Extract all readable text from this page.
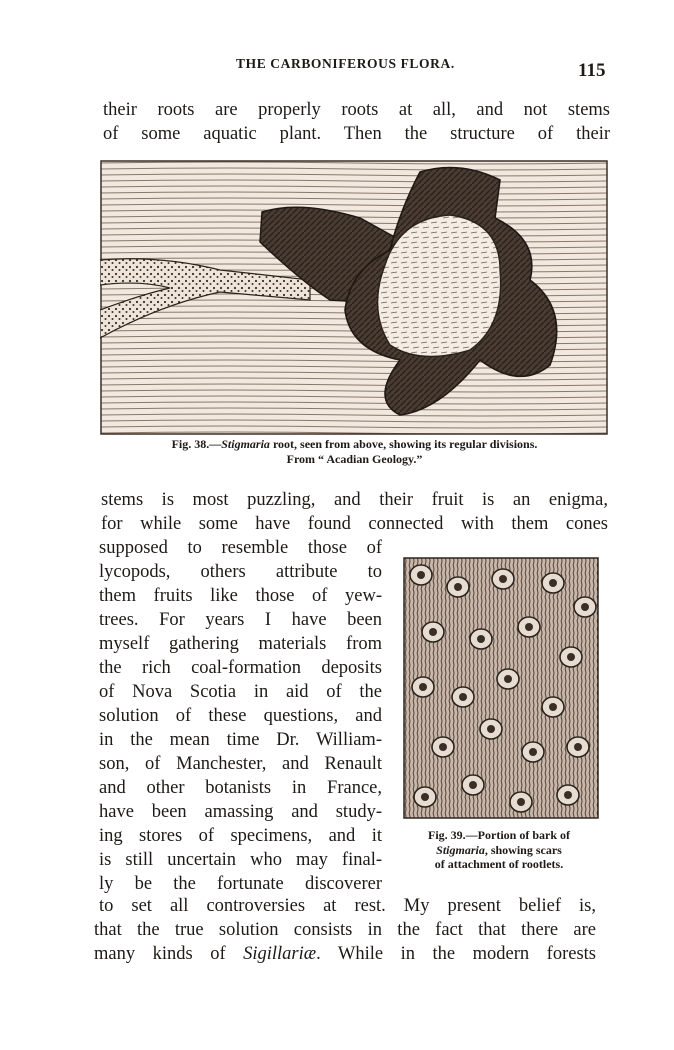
THE CARBONIFEROUS FLORA.	115
their roots are properly roots at all, and not stems
of some aquatic plant. Then the structure of their
Fig. 38.—Stigmaria root, seen from above, showing its regular divisions.
From “ Acadian Geology.”
stems is most puzzling, and their fruit is an enigma,
for while some have found connected with them cones
supposed to resemble those of
lycopods, others attribute to
them fruits like those of yew-
trees. For years I have been
myself gathering materials from
the rich coal-formation deposits
of Nova Scotia in aid of the
solution of these questions, and
in the mean time Dr. William-
son, of Manchester, and Renault
and other botanists in France,
have been amassing and study-
ing stores of specimens, and it
is still uncertain who may final-
ly be the fortunate discoverer
Fig. 39.—Portion of bark of
Stigmaria, showing scars
of attachment of rootlets.
to set all controversies at rest. My present belief is,
that the true solution consists in the fact that there are
many kinds of Sigillariæ. While in the modern forests
